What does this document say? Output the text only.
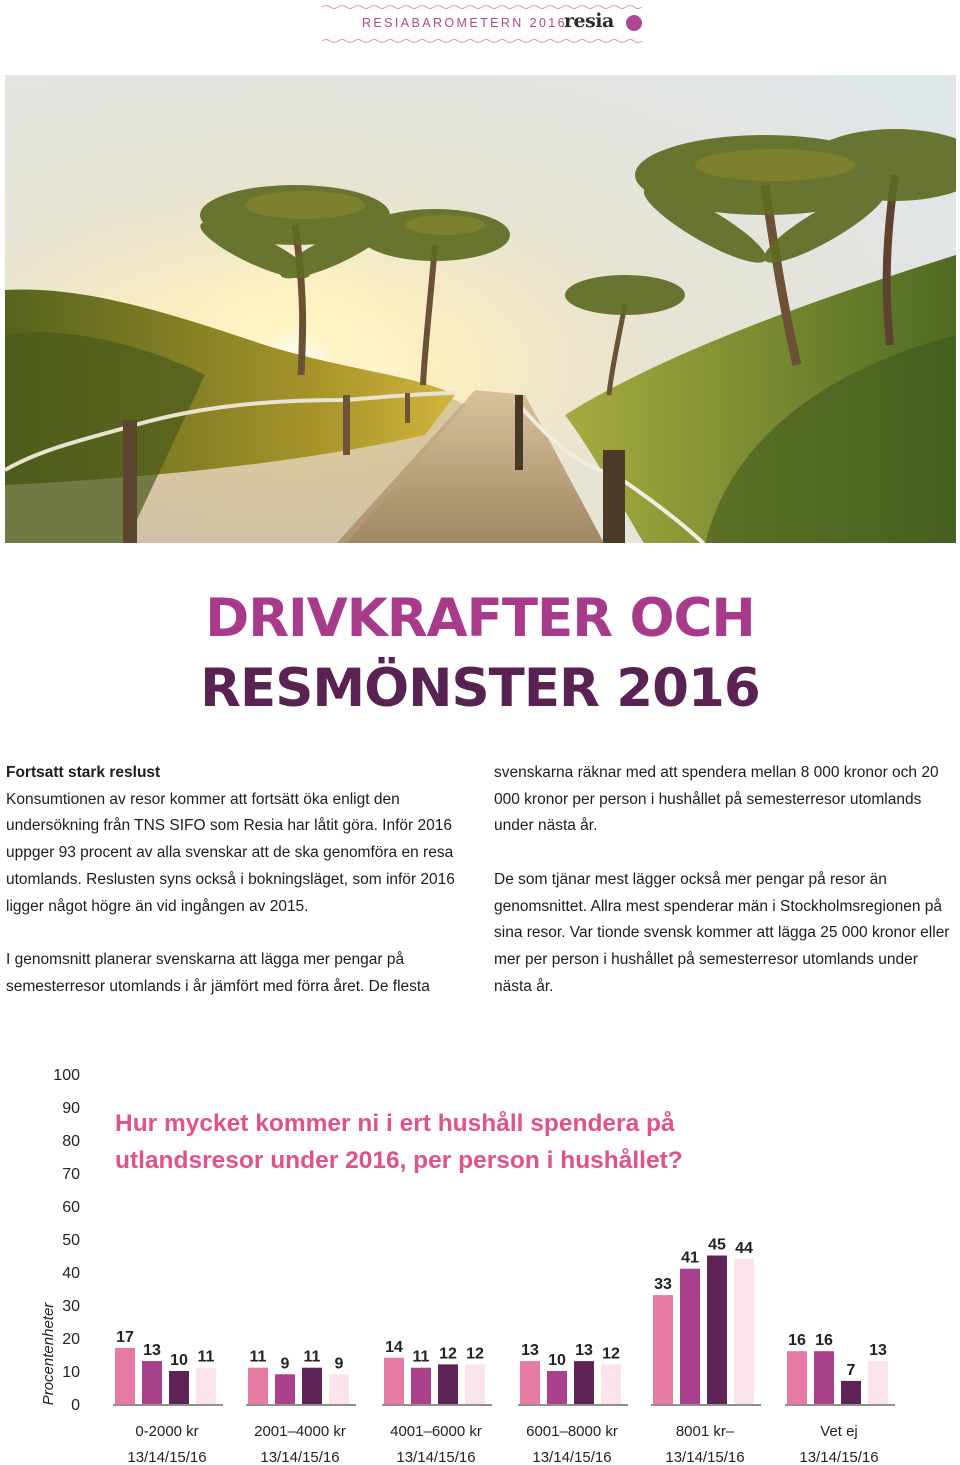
RESIABAROMETERN 2016
resia
DRIVKRAFTER OCH
RESMÖNSTER 2016

Fortsatt stark reslust
Konsumtionen av resor kommer att fortsätt öka enligt den undersökning från TNS SIFO som Resia har låtit göra. Inför 2016 uppger 93 procent av alla svenskar att de ska genomföra en resa utomlands. Reslusten syns också i bokningsläget, som inför 2016 ligger något högre än vid ingången av 2015.

I genomsnitt planerar svenskarna att lägga mer pengar på semesterresor utomlands i år jämfört med förra året. De flesta

svenskarna räknar med att spendera mellan 8 000 kronor och 20 000 kronor per person i hushållet på semesterresor utomlands under nästa år.

De som tjänar mest lägger också mer pengar på resor än genomsnittet. Allra mest spenderar män i Stockholmsregionen på sina resor. Var tionde svensk kommer att lägga 25 000 kronor eller mer per person i hushållet på semesterresor utomlands under nästa år.

Hur mycket kommer ni i ert hushåll spendera på utlandsresor under 2016, per person i hushållet?
0
10
20
30
40
50
60
70
80
90
100
Procentenheter	17
13
10 11
0-2000 kr
13/14/15/16
11 9 11 9
2001–4000 kr
13/14/15/16
14
11 12 12
4001–6000 kr
13/14/15/16
13
10
13 12
6001–8000 kr
13/14/15/16
33
41
45 44
8001 kr–
13/14/15/16
16 16
7
13
Vet ej
13/14/15/16
